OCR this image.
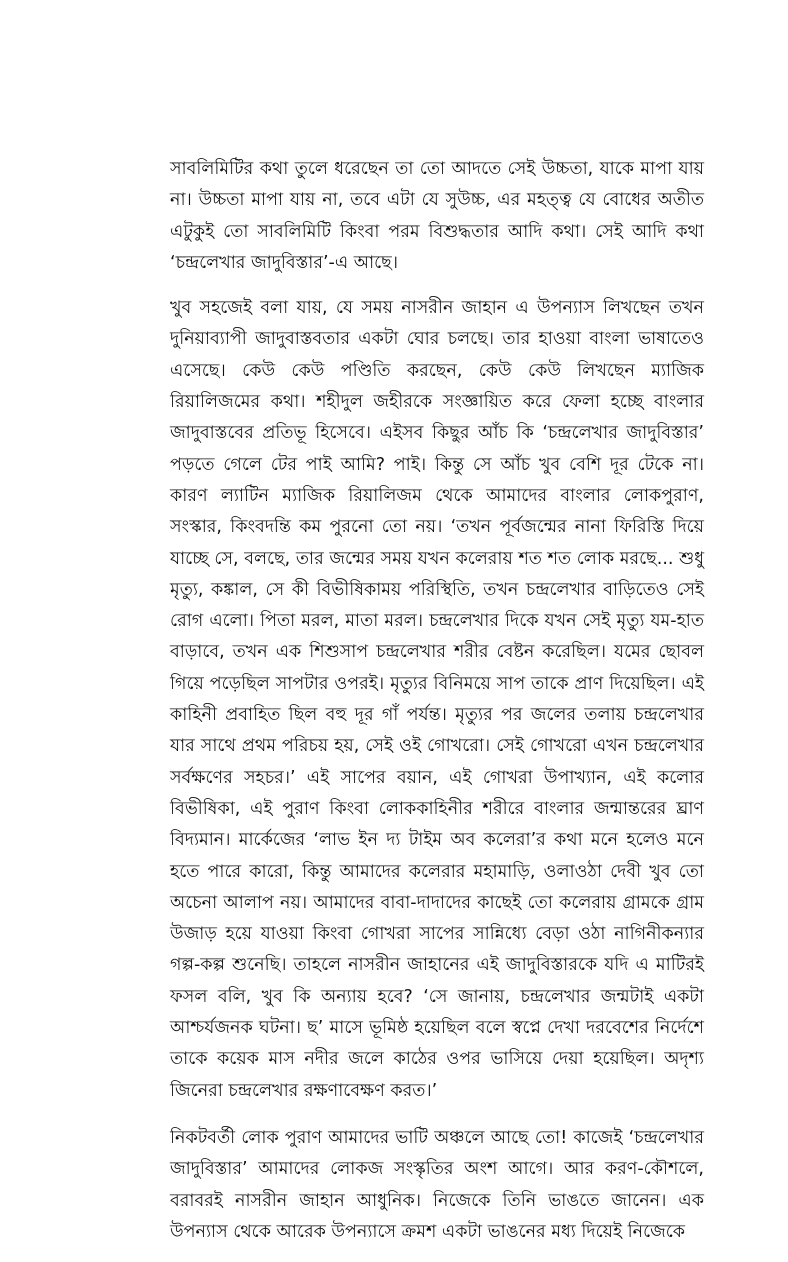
সাবলিমিটির কথা তুলে ধরেছেন তা তো আদতে সেই উচ্চতা, যাকে মাপা যায় না। উচ্চতা মাপা যায় না, তবে এটা যে সুউচ্চ, এর মহত্ত্ব যে বোধের অতীত এটুকুই তো সাবলিমিটি কিংবা পরম বিশুদ্ধতার আদি কথা। সেই আদি কথা ‘চন্দ্রলেখার জাদুবিস্তার’-এ আছে।

খুব সহজেই বলা যায়, যে সময় নাসরীন জাহান এ উপন্যাস লিখছেন তখন দুনিয়াব্যাপী জাদুবাস্তবতার একটা ঘোর চলছে। তার হাওয়া বাংলা ভাষাতেও এসেছে। কেউ কেউ পণ্ডিতি করছেন, কেউ কেউ লিখছেন ম্যাজিক রিয়ালিজমের কথা। শহীদুল জহীরকে সংজ্ঞায়িত করে ফেলা হচ্ছে বাংলার জাদুবাস্তবের প্রতিভূ হিসেবে। এইসব কিছুর আঁচ কি ‘চন্দ্রলেখার জাদুবিস্তার’ পড়তে গেলে টের পাই আমি? পাই। কিন্তু সে আঁচ খুব বেশি দূর টেকে না। কারণ ল্যাটিন ম্যাজিক রিয়ালিজম থেকে আমাদের বাংলার লোকপুরাণ, সংস্কার, কিংবদন্তি কম পুরনো তো নয়। ‘তখন পূর্বজন্মের নানা ফিরিস্তি দিয়ে যাচ্ছে সে, বলছে, তার জন্মের সময় যখন কলেরায় শত শত লোক মরছে... শুধু মৃত্যু, কঙ্কাল, সে কী বিভীষিকাময় পরিস্থিতি, তখন চন্দ্রলেখার বাড়িতেও সেই রোগ এলো। পিতা মরল, মাতা মরল। চন্দ্রলেখার দিকে যখন সেই মৃত্যু যম-হাত বাড়াবে, তখন এক শিশুসাপ চন্দ্রলেখার শরীর বেষ্টন করেছিল। যমের ছোবল গিয়ে পড়েছিল সাপটার ওপরই। মৃত্যুর বিনিময়ে সাপ তাকে প্রাণ দিয়েছিল। এই কাহিনী প্রবাহিত ছিল বহু দূর গাঁ পর্যন্ত। মৃত্যুর পর জলের তলায় চন্দ্রলেখার যার সাথে প্রথম পরিচয় হয়, সেই ওই গোখরো। সেই গোখরো এখন চন্দ্রলেখার সর্বক্ষণের সহচর।’ এই সাপের বয়ান, এই গোখরা উপাখ্যান, এই কলোর বিভীষিকা, এই পুরাণ কিংবা লোককাহিনীর শরীরে বাংলার জন্মান্তরের ঘ্রাণ বিদ্যমান। মার্কেজের ‘লাভ ইন দ্য টাইম অব কলেরা’র কথা মনে হলেও মনে হতে পারে কারো, কিন্তু আমাদের কলেরার মহামাড়ি, ওলাওঠা দেবী খুব তো অচেনা আলাপ নয়। আমাদের বাবা-দাদাদের কাছেই তো কলেরায় গ্রামকে গ্রাম উজাড় হয়ে যাওয়া কিংবা গোখরা সাপের সান্নিধ্যে বেড়া ওঠা নাগিনীকন্যার গল্প-কল্প শুনেছি। তাহলে নাসরীন জাহানের এই জাদুবিস্তারকে যদি এ মাটিরই ফসল বলি, খুব কি অন্যায় হবে? ‘সে জানায়, চন্দ্রলেখার জন্মটাই একটা আশ্চর্যজনক ঘটনা। ছ’ মাসে ভূমিষ্ঠ হয়েছিল বলে স্বপ্নে দেখা দরবেশের নির্দেশে তাকে কয়েক মাস নদীর জলে কাঠের ওপর ভাসিয়ে দেয়া হয়েছিল। অদৃশ্য জিনেরা চন্দ্রলেখার রক্ষণাবেক্ষণ করত।’

নিকটবর্তী লোক পুরাণ আমাদের ভাটি অঞ্চলে আছে তো! কাজেই ‘চন্দ্রলেখার জাদুবিস্তার’ আমাদের লোকজ সংস্কৃতির অংশ আগে। আর করণ-কৌশলে, বরাবরই নাসরীন জাহান আধুনিক। নিজেকে তিনি ভাঙতে জানেন। এক উপন্যাস থেকে আরেক উপন্যাসে ক্রমশ একটা ভাঙনের মধ্য দিয়েই নিজেকে
